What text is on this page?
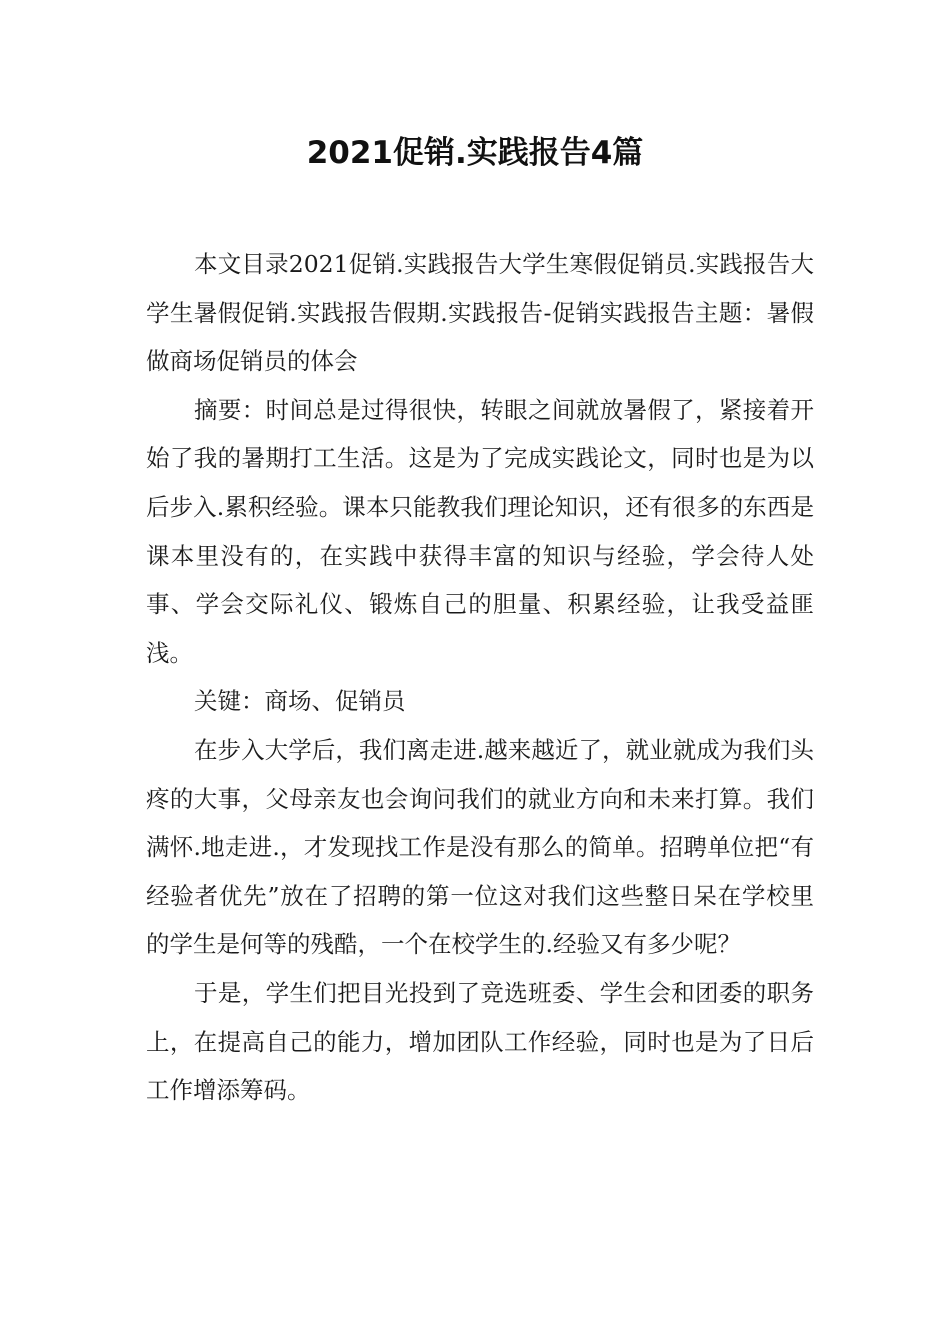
2021促销.实践报告4篇

本文目录2021促销.实践报告大学生寒假促销员.实践报告大学生暑假促销.实践报告假期.实践报告-促销实践报告主题：暑假做商场促销员的体会

摘要：时间总是过得很快，转眼之间就放暑假了，紧接着开始了我的暑期打工生活。这是为了完成实践论文，同时也是为以后步入.累积经验。课本只能教我们理论知识，还有很多的东西是课本里没有的，在实践中获得丰富的知识与经验，学会待人处事、学会交际礼仪、锻炼自己的胆量、积累经验，让我受益匪浅。

关键：商场、促销员

在步入大学后，我们离走进.越来越近了，就业就成为我们头疼的大事，父母亲友也会询问我们的就业方向和未来打算。我们满怀.地走进.，才发现找工作是没有那么的简单。招聘单位把“有经验者优先”放在了招聘的第一位这对我们这些整日呆在学校里的学生是何等的残酷，一个在校学生的.经验又有多少呢？

于是，学生们把目光投到了竞选班委、学生会和团委的职务上，在提高自己的能力，增加团队工作经验，同时也是为了日后工作增添筹码。
